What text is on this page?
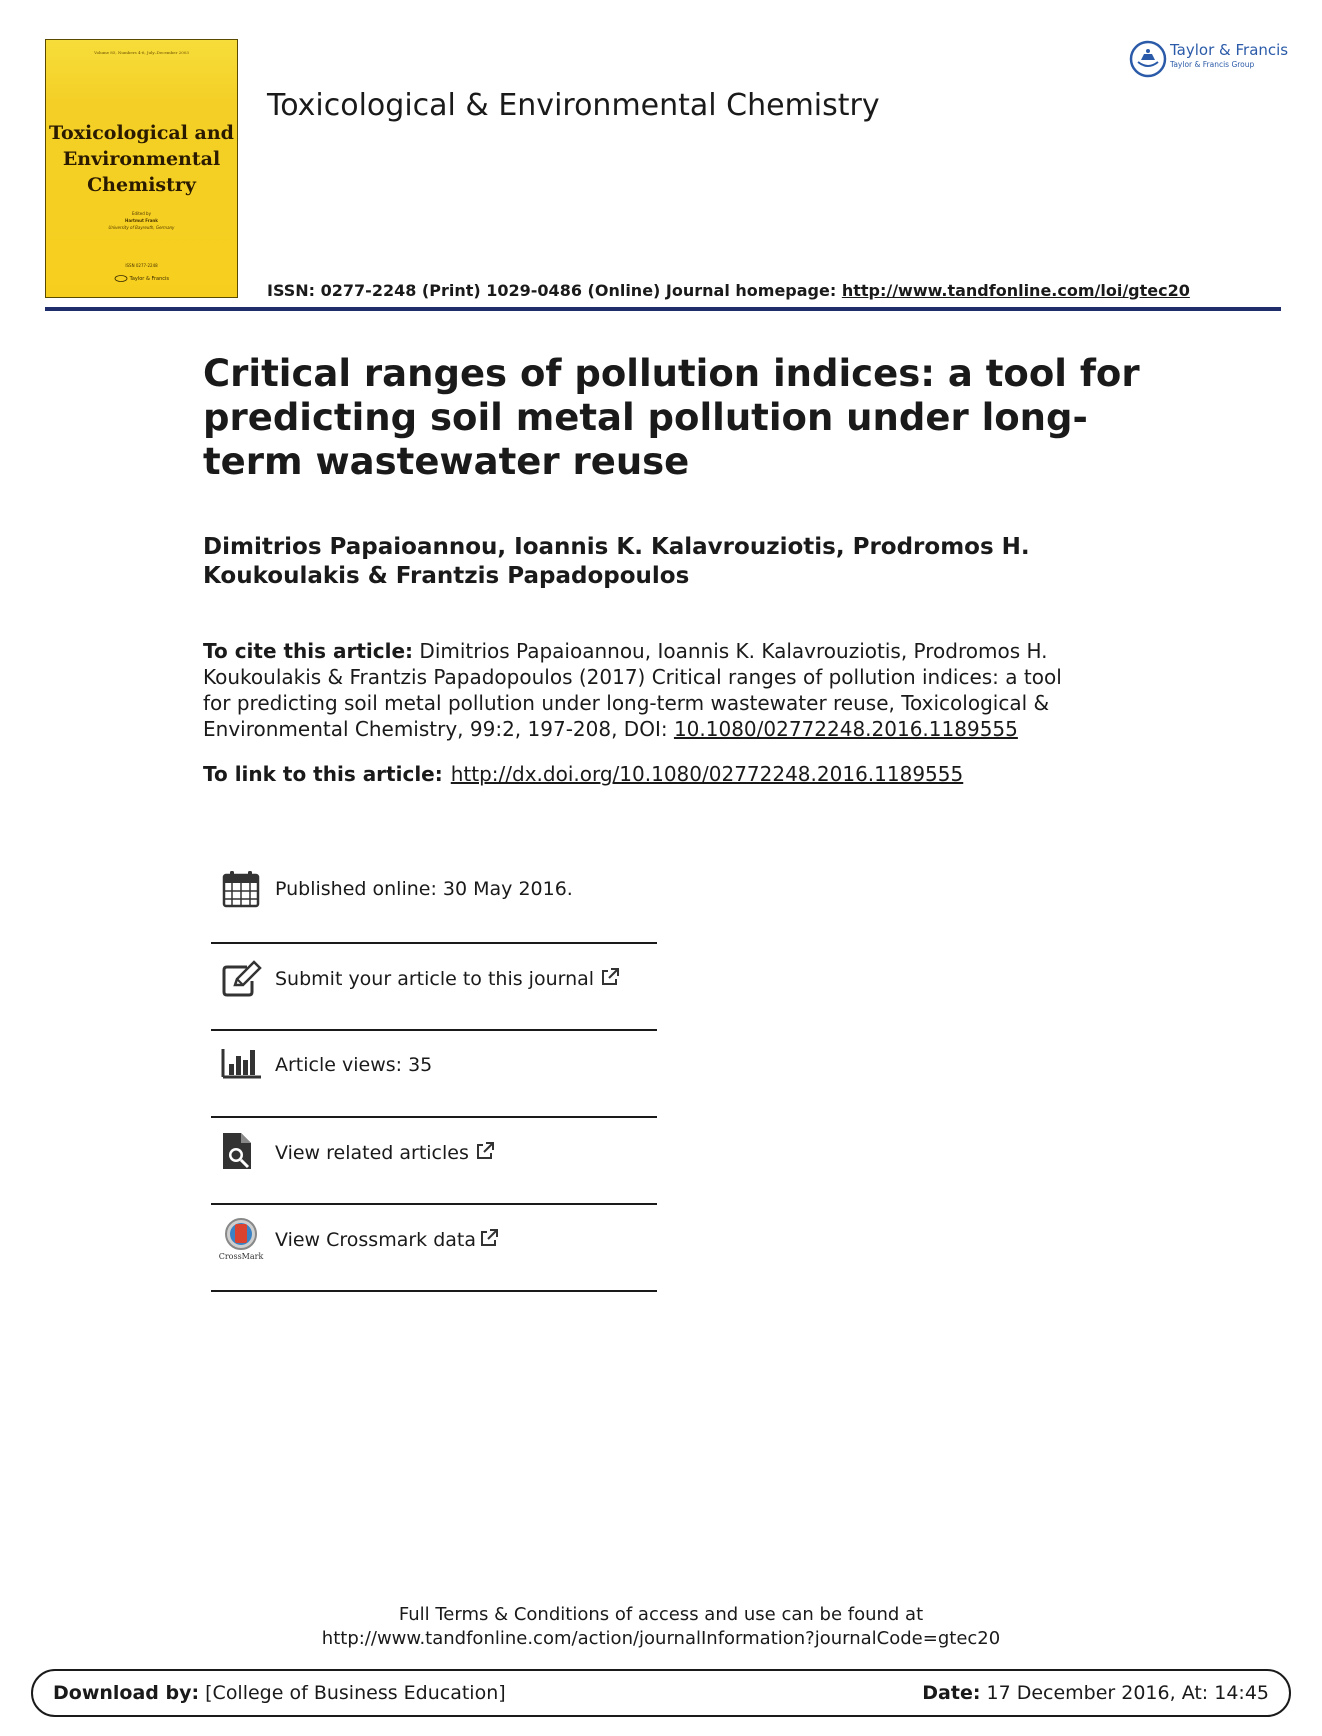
Volume 85, Numbers 4-6, July–December 2003
Toxicological and
Environmental
Chemistry
Edited by
Hartmut Frank
University of Bayreuth, Germany
ISSN 0277-2248
Taylor & Francis
Toxicological & Environmental Chemistry
Taylor & Francis
Taylor & Francis Group
ISSN: 0277-2248 (Print) 1029-0486 (Online) Journal homepage: http://www.tandfonline.com/loi/gtec20
Critical ranges of pollution indices: a tool for predicting soil metal pollution under long-term wastewater reuse

Dimitrios Papaioannou, Ioannis K. Kalavrouziotis, Prodromos H. Koukoulakis & Frantzis Papadopoulos

To cite this article: Dimitrios Papaioannou, Ioannis K. Kalavrouziotis, Prodromos H. Koukoulakis & Frantzis Papadopoulos (2017) Critical ranges of pollution indices: a tool for predicting soil metal pollution under long-term wastewater reuse, Toxicological & Environmental Chemistry, 99:2, 197-208, DOI: 10.1080/02772248.2016.1189555

To link to this article: http://dx.doi.org/10.1080/02772248.2016.1189555

Published online: 30 May 2016.
Submit your article to this journal
Article views: 35
View related articles
CrossMark
View Crossmark data
Full Terms & Conditions of access and use can be found at
http://www.tandfonline.com/action/journalInformation?journalCode=gtec20
Download by: [College of Business Education]	Date: 17 December 2016, At: 14:45
